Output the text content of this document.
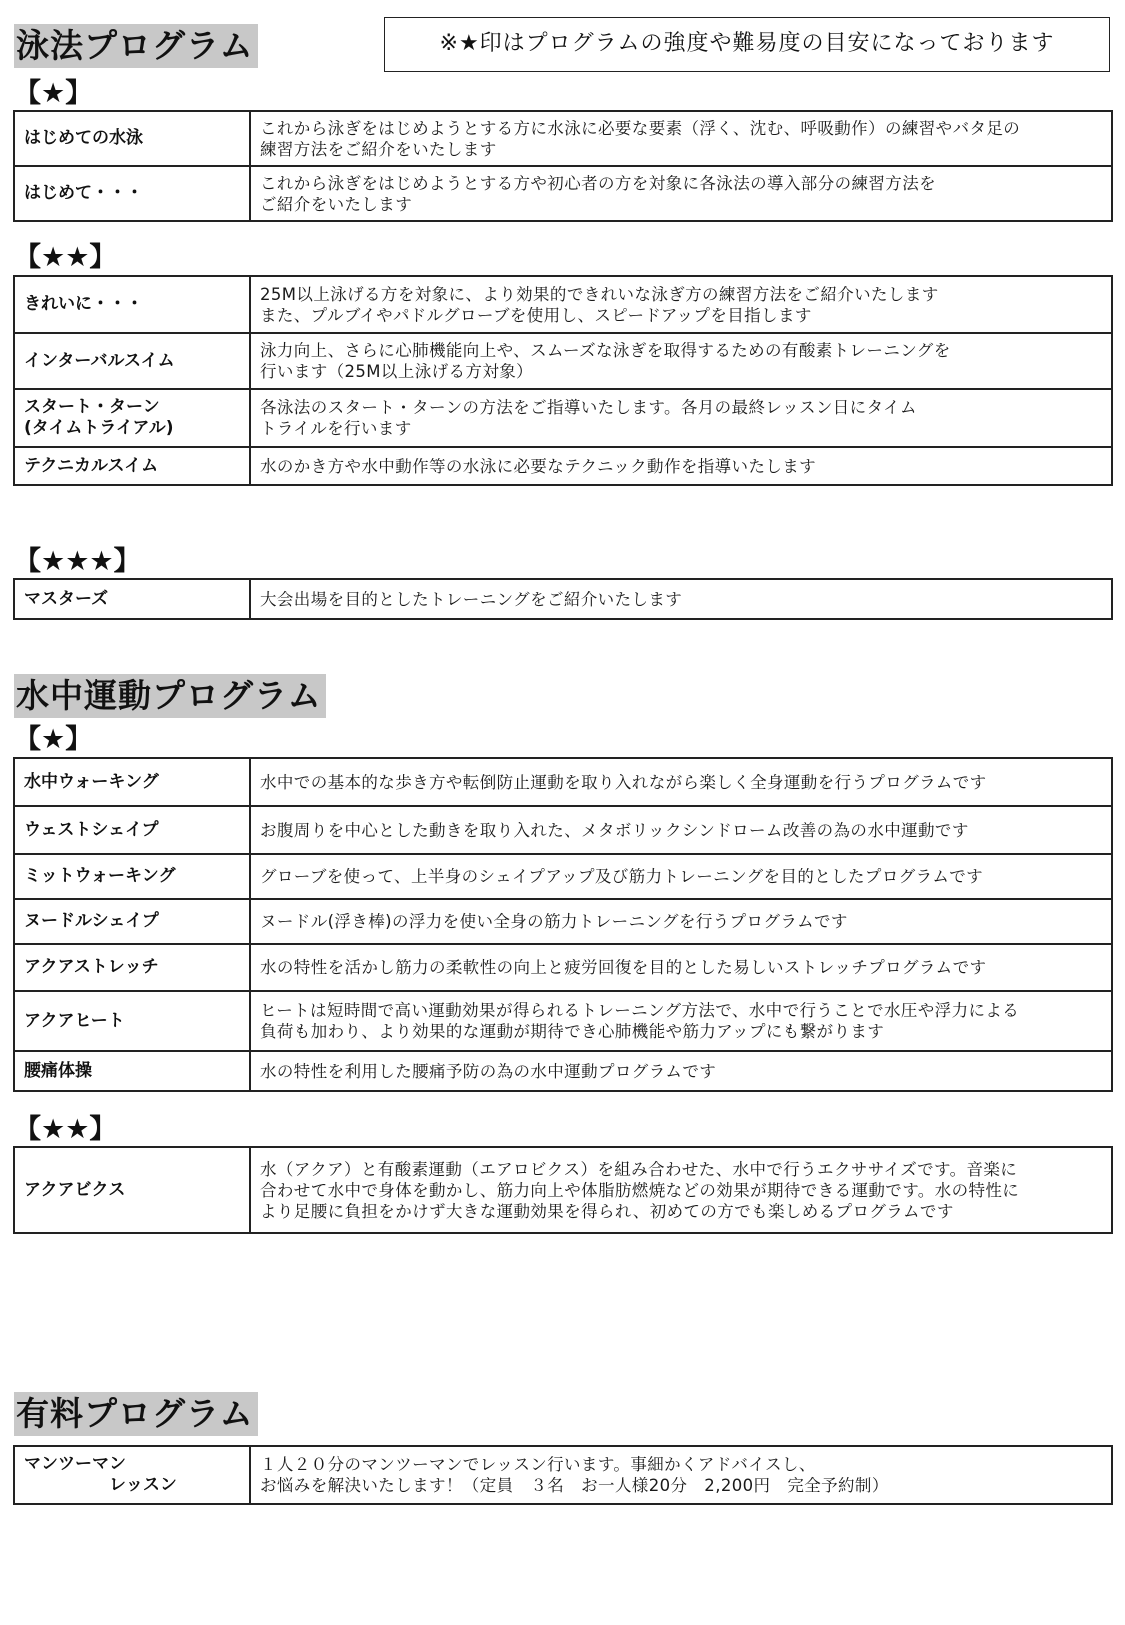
※★印はプログラムの強度や難易度の目安になっております
泳法プログラム
【★】
はじめての水泳	これから泳ぎをはじめようとする方に水泳に必要な要素（浮く、沈む、呼吸動作）の練習やバタ足の
練習方法をご紹介をいたします
はじめて・・・	これから泳ぎをはじめようとする方や初心者の方を対象に各泳法の導入部分の練習方法を
ご紹介をいたします
【★★】
きれいに・・・	25M以上泳げる方を対象に、より効果的できれいな泳ぎ方の練習方法をご紹介いたします
また、プルブイやパドルグローブを使用し、スピードアップを目指します
インターバルスイム	泳力向上、さらに心肺機能向上や、スムーズな泳ぎを取得するための有酸素トレーニングを
行います（25M以上泳げる方対象）
スタート・ターン
(タイムトライアル)	各泳法のスタート・ターンの方法をご指導いたします。各月の最終レッスン日にタイム
トライルを行います
テクニカルスイム	水のかき方や水中動作等の水泳に必要なテクニック動作を指導いたします
【★★★】
マスターズ	大会出場を目的としたトレーニングをご紹介いたします
水中運動プログラム
【★】
水中ウォーキング	水中での基本的な歩き方や転倒防止運動を取り入れながら楽しく全身運動を行うプログラムです
ウェストシェイプ	お腹周りを中心とした動きを取り入れた、メタボリックシンドローム改善の為の水中運動です
ミットウォーキング	グローブを使って、上半身のシェイプアップ及び筋力トレーニングを目的としたプログラムです
ヌードルシェイプ	ヌードル(浮き棒)の浮力を使い全身の筋力トレーニングを行うプログラムです
アクアストレッチ	水の特性を活かし筋力の柔軟性の向上と疲労回復を目的とした易しいストレッチプログラムです
アクアヒート	ヒートは短時間で高い運動効果が得られるトレーニング方法で、水中で行うことで水圧や浮力による
負荷も加わり、より効果的な運動が期待でき心肺機能や筋力アップにも繋がります
腰痛体操	水の特性を利用した腰痛予防の為の水中運動プログラムです
【★★】
アクアビクス	水（アクア）と有酸素運動（エアロビクス）を組み合わせた、水中で行うエクササイズです。音楽に
合わせて水中で身体を動かし、筋力向上や体脂肪燃焼などの効果が期待できる運動です。水の特性に
より足腰に負担をかけず大きな運動効果を得られ、初めての方でも楽しめるプログラムです
有料プログラム
マンツーマン
　　　　　レッスン	１人２０分のマンツーマンでレッスン行います。事細かくアドバイスし、
お悩みを解決いたします！（定員　３名　お一人様20分　2,200円　完全予約制）
